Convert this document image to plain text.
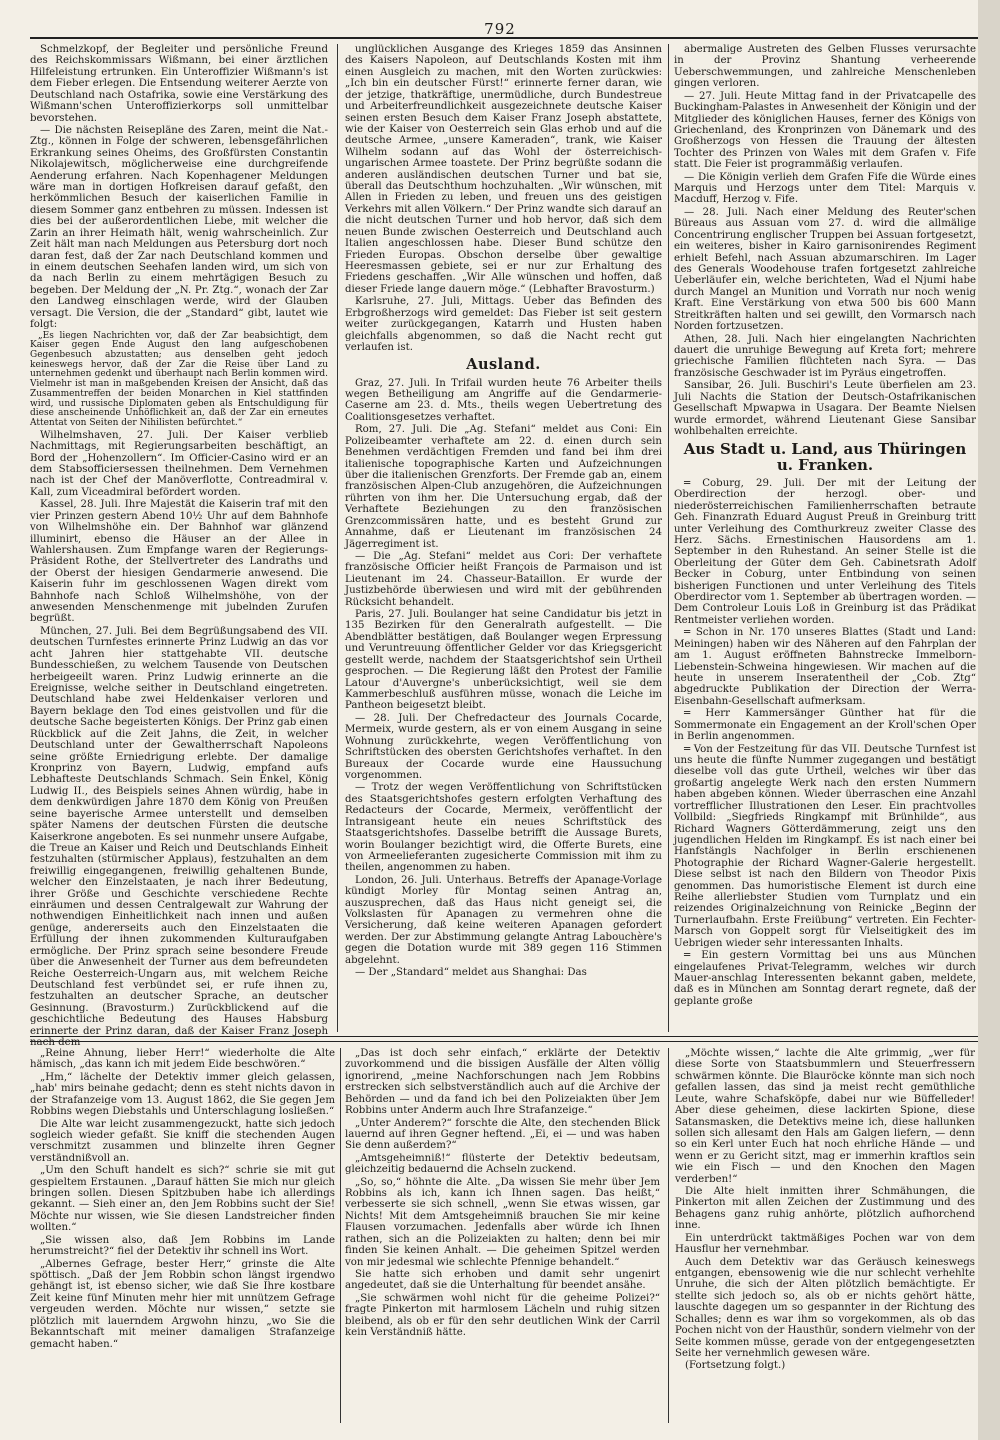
792

Schmelzkopf, der Begleiter und persönliche Freund des Reichskommissars Wißmann, bei einer ärztlichen Hilfeleistung ertrunken. Ein Unteroffizier Wißmann's ist dem Fieber erlegen. Die Entsendung weiterer Aerzte von Deutschland nach Ostafrika, sowie eine Verstärkung des Wißmann'schen Unteroffizierkorps soll unmittelbar bevorstehen.

— Die nächsten Reisepläne des Zaren, meint die Nat.-Ztg., können in Folge der schweren, lebensgefährlichen Erkrankung seines Oheims, des Großfürsten Constantin Nikolajewitsch, möglicherweise eine durchgreifende Aenderung erfahren. Nach Kopenhagener Meldungen wäre man in dortigen Hofkreisen darauf gefaßt, den herkömmlichen Besuch der kaiserlichen Familie in diesem Sommer ganz entbehren zu müssen. Indessen ist dies bei der außerordentlichen Liebe, mit welcher die Zarin an ihrer Heimath hält, wenig wahrscheinlich. Zur Zeit hält man nach Meldungen aus Petersburg dort noch daran fest, daß der Zar nach Deutschland kommen und in einem deutschen Seehafen landen wird, um sich von da nach Berlin zu einem mehrtägigen Besuch zu begeben. Der Meldung der „N. Pr. Ztg.“, wonach der Zar den Landweg einschlagen werde, wird der Glauben versagt. Die Version, die der „Standard“ gibt, lautet wie folgt:

„Es liegen Nachrichten vor, daß der Zar beabsichtigt, dem Kaiser gegen Ende August den lang aufgeschobenen Gegenbesuch abzustatten; aus denselben geht jedoch keineswegs hervor, daß der Zar die Reise über Land zu unternehmen gedenkt und überhaupt nach Berlin kommen wird. Vielmehr ist man in maßgebenden Kreisen der Ansicht, daß das Zusammentreffen der beiden Monarchen in Kiel stattfinden wird, und russische Diplomaten geben als Entschuldigung für diese anscheinende Unhöflichkeit an, daß der Zar ein erneutes Attentat von Seiten der Nihilisten befürchtet.“

Wilhelmshaven, 27. Juli. Der Kaiser verblieb Nachmittags, mit Regierungsarbeiten beschäftigt, an Bord der „Hohenzollern“. Im Officier-Casino wird er an dem Stabsofficiersessen theilnehmen. Dem Vernehmen nach ist der Chef der Manöverflotte, Contreadmiral v. Kall, zum Viceadmiral befördert worden.

Kassel, 28. Juli. Ihre Majestät die Kaiserin traf mit den vier Prinzen gestern Abend 10½ Uhr auf dem Bahnhofe von Wilhelmshöhe ein. Der Bahnhof war glänzend illuminirt, ebenso die Häuser an der Allee in Wahlershausen. Zum Empfange waren der Regierungs-Präsident Rothe, der Stellvertreter des Landraths und der Oberst der hiesigen Gendarmerie anwesend. Die Kaiserin fuhr im geschlossenen Wagen direkt vom Bahnhofe nach Schloß Wilhelmshöhe, von der anwesenden Menschenmenge mit jubelnden Zurufen begrüßt.

München, 27. Juli. Bei dem Begrüßungsabend des VII. deutschen Turnfestes erinnerte Prinz Ludwig an das vor acht Jahren hier stattgehabte VII. deutsche Bundesschießen, zu welchem Tausende von Deutschen herbeigeeilt waren. Prinz Ludwig erinnerte an die Ereignisse, welche seither in Deutschland eingetreten. Deutschland habe zwei Heldenkaiser verloren und Bayern beklage den Tod eines geistvollen und für die deutsche Sache begeisterten Königs. Der Prinz gab einen Rückblick auf die Zeit Jahns, die Zeit, in welcher Deutschland unter der Gewaltherrschaft Napoleons seine größte Erniedrigung erlebte. Der damalige Kronprinz von Bayern, Ludwig, empfand aufs Lebhafteste Deutschlands Schmach. Sein Enkel, König Ludwig II., des Beispiels seines Ahnen würdig, habe in dem denkwürdigen Jahre 1870 dem König von Preußen seine bayerische Armee unterstellt und demselben später Namens der deutschen Fürsten die deutsche Kaiserkrone angeboten. Es sei nunmehr unsere Aufgabe, die Treue an Kaiser und Reich und Deutschlands Einheit festzuhalten (stürmischer Applaus), festzuhalten an dem freiwillig eingegangenen, freiwillig gehaltenen Bunde, welcher den Einzelstaaten, je nach ihrer Bedeutung, ihrer Größe und Geschichte verschiedene Rechte einräumen und dessen Centralgewalt zur Wahrung der nothwendigen Einheitlichkeit nach innen und außen genüge, andererseits auch den Einzelstaaten die Erfüllung der ihnen zukommenden Kulturaufgaben ermögliche. Der Prinz sprach seine besondere Freude über die Anwesenheit der Turner aus dem befreundeten Reiche Oesterreich-Ungarn aus, mit welchem Reiche Deutschland fest verbündet sei, er rufe ihnen zu, festzuhalten an deutscher Sprache, an deutscher Gesinnung. (Bravosturm.) Zurückblickend auf die geschichtliche Bedeutung des Hauses Habsburg erinnerte der Prinz daran, daß der Kaiser Franz Joseph nach dem

unglücklichen Ausgange des Krieges 1859 das Ansinnen des Kaisers Napoleon, auf Deutschlands Kosten mit ihm einen Ausgleich zu machen, mit den Worten zurückwies: „Ich bin ein deutscher Fürst!“ erinnerte ferner daran, wie der jetzige, thatkräftige, unermüdliche, durch Bundestreue und Arbeiterfreundlichkeit ausgezeichnete deutsche Kaiser seinen ersten Besuch dem Kaiser Franz Joseph abstattete, wie der Kaiser von Oesterreich sein Glas erhob und auf die deutsche Armee, „unsere Kameraden“, trank, wie Kaiser Wilhelm sodann auf das Wohl der österreichisch-ungarischen Armee toastete. Der Prinz begrüßte sodann die anderen ausländischen deutschen Turner und bat sie, überall das Deutschthum hochzuhalten. „Wir wünschen, mit Allen in Frieden zu leben, und freuen uns des geistigen Verkehrs mit allen Völkern.“ Der Prinz wandte sich darauf an die nicht deutschen Turner und hob hervor, daß sich dem neuen Bunde zwischen Oesterreich und Deutschland auch Italien angeschlossen habe. Dieser Bund schütze den Frieden Europas. Obschon derselbe über gewaltige Heeresmassen gebiete, sei er nur zur Erhaltung des Friedens geschaffen. „Wir Alle wünschen und hoffen, daß dieser Friede lange dauern möge.“ (Lebhafter Bravosturm.)

Karlsruhe, 27. Juli, Mittags. Ueber das Befinden des Erbgroßherzogs wird gemeldet: Das Fieber ist seit gestern weiter zurückgegangen, Katarrh und Husten haben gleichfalls abgenommen, so daß die Nacht recht gut verlaufen ist.

Ausland.

Graz, 27. Juli. In Trifail wurden heute 76 Arbeiter theils wegen Betheiligung am Angriffe auf die Gendarmerie-Caserne am 23. d. Mts., theils wegen Uebertretung des Coalitionsgesetzes verhaftet.

Rom, 27. Juli. Die „Ag. Stefani“ meldet aus Coni: Ein Polizeibeamter verhaftete am 22. d. einen durch sein Benehmen verdächtigen Fremden und fand bei ihm drei italienische topographische Karten und Aufzeichnungen über die italienischen Grenzforts. Der Fremde gab an, einem französischen Alpen-Club anzugehören, die Aufzeichnungen rührten von ihm her. Die Untersuchung ergab, daß der Verhaftete Beziehungen zu den französischen Grenzcommissären hatte, und es besteht Grund zur Annahme, daß er Lieutenant im französischen 24 Jägerregiment ist.

— Die „Ag. Stefani“ meldet aus Cori: Der verhaftete französische Officier heißt François de Parmaison und ist Lieutenant im 24. Chasseur-Bataillon. Er wurde der Justizbehörde überwiesen und wird mit der gebührenden Rücksicht behandelt.

Paris, 27. Juli. Boulanger hat seine Candidatur bis jetzt in 135 Bezirken für den Generalrath aufgestellt. — Die Abendblätter bestätigen, daß Boulanger wegen Erpressung und Veruntreuung öffentlicher Gelder vor das Kriegsgericht gestellt werde, nachdem der Staatsgerichtshof sein Urtheil gesprochen. — Die Regierung läßt den Protest der Familie Latour d'Auvergne's unberücksichtigt, weil sie dem Kammerbeschluß ausführen müsse, wonach die Leiche im Pantheon beigesetzt bleibt.

— 28. Juli. Der Chefredacteur des Journals Cocarde, Mermeix, wurde gestern, als er von einem Ausgang in seine Wohnung zurückkehrte, wegen Veröffentlichung von Schriftstücken des obersten Gerichtshofes verhaftet. In den Bureaux der Cocarde wurde eine Haussuchung vorgenommen.

— Trotz der wegen Veröffentlichung von Schriftstücken des Staatsgerichtshofes gestern erfolgten Verhaftung des Redacteurs der Cocarde, Mermeix, veröffentlicht der Intransigeant heute ein neues Schriftstück des Staatsgerichtshofes. Dasselbe betrifft die Aussage Burets, worin Boulanger bezichtigt wird, die Offerte Burets, eine von Armeelieferanten zugesicherte Commission mit ihm zu theilen, angenommen zu haben.

London, 26. Juli. Unterhaus. Betreffs der Apanage-Vorlage kündigt Morley für Montag seinen Antrag an, auszusprechen, daß das Haus nicht geneigt sei, die Volkslasten für Apanagen zu vermehren ohne die Versicherung, daß keine weiteren Apanagen gefordert werden. Der zur Abstimmung gelangte Antrag Labouchère's gegen die Dotation wurde mit 389 gegen 116 Stimmen abgelehnt.

— Der „Standard“ meldet aus Shanghai: Das

abermalige Austreten des Gelben Flusses verursachte in der Provinz Shantung verheerende Ueberschwemmungen, und zahlreiche Menschenleben gingen verloren.

— 27. Juli. Heute Mittag fand in der Privatcapelle des Buckingham-Palastes in Anwesenheit der Königin und der Mitglieder des königlichen Hauses, ferner des Königs von Griechenland, des Kronprinzen von Dänemark und des Großherzogs von Hessen die Trauung der ältesten Tochter des Prinzen von Wales mit dem Grafen v. Fife statt. Die Feier ist programmäßig verlaufen.

— Die Königin verlieh dem Grafen Fife die Würde eines Marquis und Herzogs unter dem Titel: Marquis v. Macduff, Herzog v. Fife.

— 28. Juli. Nach einer Meldung des Reuter'schen Büreaus aus Assuan vom 27. d. wird die allmälige Concentrirung englischer Truppen bei Assuan fortgesetzt, ein weiteres, bisher in Kairo garnisonirendes Regiment erhielt Befehl, nach Assuan abzumarschiren. Im Lager des Generals Woodehouse trafen fortgesetzt zahlreiche Ueberläufer ein, welche berichteten, Wad el Njumi habe durch Mangel an Munition und Vorrath nur noch wenig Kraft. Eine Verstärkung von etwa 500 bis 600 Mann Streitkräften halten und sei gewillt, den Vormarsch nach Norden fortzusetzen.

Athen, 28. Juli. Nach hier eingelangten Nachrichten dauert die unruhige Bewegung auf Kreta fort; mehrere griechische Familien flüchteten nach Syra. — Das französische Geschwader ist im Pyräus eingetroffen.

Sansibar, 26. Juli. Buschiri's Leute überfielen am 23. Juli Nachts die Station der Deutsch-Ostafrikanischen Gesellschaft Mpwapwa in Usagara. Der Beamte Nielsen wurde ermordet, während Lieutenant Giese Sansibar wohlbehalten erreichte.

Aus Stadt u. Land, aus Thüringen u. Franken.

═ Coburg, 29. Juli. Der mit der Leitung der Oberdirection der herzogl. ober- und niederösterreichischen Familienherrschaften betraute Geh. Finanzrath Eduard August Preuß in Greinburg tritt unter Verleihung des Comthurkreuz zweiter Classe des Herz. Sächs. Ernestinischen Hausordens am 1. September in den Ruhestand. An seiner Stelle ist die Oberleitung der Güter dem Geh. Cabinetsrath Adolf Becker in Coburg, unter Entbindung von seinen bisherigen Functionen und unter Verleihung des Titels Oberdirector vom 1. September ab übertragen worden. — Dem Controleur Louis Loß in Greinburg ist das Prädikat Rentmeister verliehen worden.

═ Schon in Nr. 170 unseres Blattes (Stadt und Land: Meiningen) haben wir des Näheren auf den Fahrplan der am 1. August eröffneten Bahnstrecke Immelborn-Liebenstein-Schweina hingewiesen. Wir machen auf die heute in unserem Inseratentheil der „Cob. Ztg“ abgedruckte Publikation der Direction der Werra-Eisenbahn-Gesellschaft aufmerksam.

═ Herr Kammersänger Günther hat für die Sommermonate ein Engagement an der Kroll'schen Oper in Berlin angenommen.

═ Von der Festzeitung für das VII. Deutsche Turnfest ist uns heute die fünfte Nummer zugegangen und bestätigt dieselbe voll das gute Urtheil, welches wir über das großartig angelegte Werk nach den ersten Nummern haben abgeben können. Wieder überraschen eine Anzahl vortrefflicher Illustrationen den Leser. Ein prachtvolles Vollbild: „Siegfrieds Ringkampf mit Brünhilde“, aus Richard Wagners Götterdämmerung, zeigt uns den jugendlichen Helden im Ringkampf. Es ist nach einer bei Hanfstängls Nachfolger in Berlin erschienenen Photographie der Richard Wagner-Galerie hergestellt. Diese selbst ist nach den Bildern von Theodor Pixis genommen. Das humoristische Element ist durch eine Reihe allerliebster Studien vom Turnplatz und ein reizendes Originalzeichnung von Reinicke „Beginn der Turnerlaufbahn. Erste Freiübung“ vertreten. Ein Fechter-Marsch von Goppelt sorgt für Vielseitigkeit des im Uebrigen wieder sehr interessanten Inhalts.

═ Ein gestern Vormittag bei uns aus München eingelaufenes Privat-Telegramm, welches wir durch Mauer-anschlag Interessenten bekannt gaben, meldete, daß es in München am Sonntag derart regnete, daß der geplante große

„Reine Ahnung, lieber Herr!“ wiederholte die Alte hämisch, „das kann ich mit jedem Eide beschwören.“

„Hm,“ lächelte der Detektiv immer gleich gelassen, „hab' mirs beinahe gedacht; denn es steht nichts davon in der Strafanzeige vom 13. August 1862, die Sie gegen Jem Robbins wegen Diebstahls und Unterschlagung losließen.“

Die Alte war leicht zusammengezuckt, hatte sich jedoch sogleich wieder gefaßt. Sie kniff die stechenden Augen verschmitzt zusammen und blinzelte ihren Gegner verständnißvoll an.

„Um den Schuft handelt es sich?“ schrie sie mit gut gespieltem Erstaunen. „Darauf hätten Sie mich nur gleich bringen sollen. Diesen Spitzbuben habe ich allerdings gekannt. — Sieh einer an, den Jem Robbins sucht der Sie! Möchte nur wissen, wie Sie diesen Landstreicher finden wollten.“

„Sie wissen also, daß Jem Robbins im Lande herumstreicht?“ fiel der Detektiv ihr schnell ins Wort.

„Albernes Gefrage, bester Herr,“ grinste die Alte spöttisch. „Daß der Jem Robbin schon längst irgendwo gehängt ist, ist ebenso sicher, wie daß Sie Ihre kostbare Zeit keine fünf Minuten mehr hier mit unnützem Gefrage vergeuden werden. Möchte nur wissen,“ setzte sie plötzlich mit lauerndem Argwohn hinzu, „wo Sie die Bekanntschaft mit meiner damaligen Strafanzeige gemacht haben.“

„Das ist doch sehr einfach,“ erklärte der Detektiv zuvorkommend und die bissigen Ausfälle der Alten völlig ignorirend, „meine Nachforschungen nach Jem Robbins erstrecken sich selbstverständlich auch auf die Archive der Behörden — und da fand ich bei den Polizeiakten über Jem Robbins unter Anderm auch Ihre Strafanzeige.“

„Unter Anderem?“ forschte die Alte, den stechenden Blick lauernd auf ihren Gegner heftend. „Ei, ei — und was haben Sie denn außerdem?“

„Amtsgeheimniß!“ flüsterte der Detektiv bedeutsam, gleichzeitig bedauernd die Achseln zuckend.

„So, so,“ höhnte die Alte. „Da wissen Sie mehr über Jem Robbins als ich, kann ich Ihnen sagen. Das heißt,“ verbesserte sie sich schnell, „wenn Sie etwas wissen, gar Nichts! Mit dem Amtsgeheimniß brauchen Sie mir keine Flausen vorzumachen. Jedenfalls aber würde ich Ihnen rathen, sich an die Polizeiakten zu halten; denn bei mir finden Sie keinen Anhalt. — Die geheimen Spitzel werden von mir jedesmal wie schlechte Pfennige behandelt.“

Sie hatte sich erhoben und damit sehr ungenirt angedeutet, daß sie die Unterhaltung für beendet ansähe.

„Sie schwärmen wohl nicht für die geheime Polizei?“ fragte Pinkerton mit harmlosem Lächeln und ruhig sitzen bleibend, als ob er für den sehr deutlichen Wink der Carril kein Verständniß hätte.

„Möchte wissen,“ lachte die Alte grimmig, „wer für diese Sorte von Staatsbummlern und Steuerfressern schwärmen könnte. Die Blauröcke könnte man sich noch gefallen lassen, das sind ja meist recht gemüthliche Leute, wahre Schafsköpfe, dabei nur wie Büffelleder! Aber diese geheimen, diese lackirten Spione, diese Satansmasken, die Detektivs meine ich, diese hallunken sollen sich allesamt den Hals am Galgen liefern, — denn so ein Kerl unter Euch hat noch ehrliche Hände — und wenn er zu Gericht sitzt, mag er immerhin kraftlos sein wie ein Fisch — und den Knochen den Magen verderben!“

Die Alte hielt inmitten ihrer Schmähungen, die Pinkerton mit allen Zeichen der Zustimmung und des Behagens ganz ruhig anhörte, plötzlich aufhorchend inne.

Ein unterdrückt taktmäßiges Pochen war von dem Hausflur her vernehmbar.

Auch dem Detektiv war das Geräusch keineswegs entgangen, ebensowenig wie die nur schlecht verhehlte Unruhe, die sich der Alten plötzlich bemächtigte. Er stellte sich jedoch so, als ob er nichts gehört hätte, lauschte dagegen um so gespannter in der Richtung des Schalles; denn es war ihm so vorgekommen, als ob das Pochen nicht von der Hausthür, sondern vielmehr von der Seite kommen müsse, gerade von der entgegengesetzten Seite her vernehmlich gewesen wäre.

(Fortsetzung folgt.)
